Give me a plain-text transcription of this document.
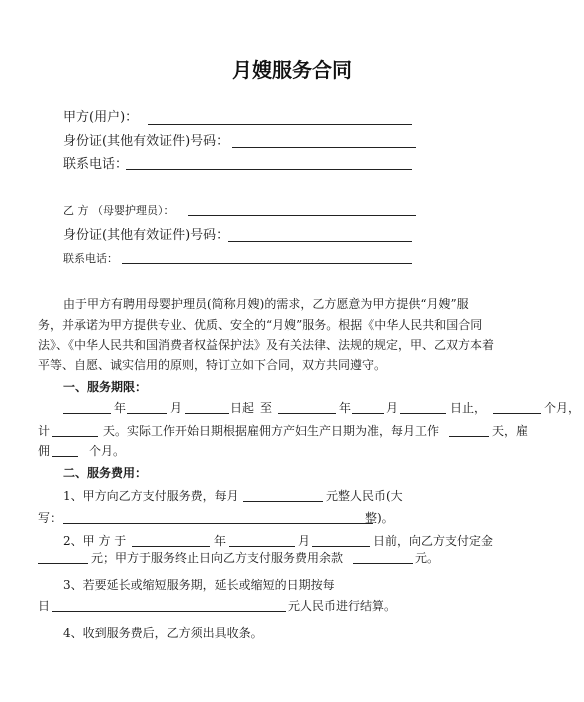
月嫂服务合同
甲方(用户)：
身份证(其他有效证件)号码：
联系电话：
乙 方 （母婴护理员）：
身份证(其他有效证件)号码：
联系电话：
由于甲方有聘用母婴护理员(简称月嫂)的需求，乙方愿意为甲方提供“月嫂”服
务，并承诺为甲方提供专业、优质、安全的“月嫂”服务。根据《中华人民共和国合同
法》、《中华人民共和国消费者权益保护法》及有关法律、法规的规定，甲、乙双方本着
平等、自愿、诚实信用的原则，特订立如下合同，双方共同遵守。
一、服务期限：
年	月	日起 至	年	月	日止，	个月，
计	天。实际工作开始日期根据雇佣方产妇生产日期为准，每月工作	天，雇
佣	个月。
二、服务费用：
1、甲方向乙方支付服务费，每月	元整人民币(大
写：	整)。
2、甲 方 于	年	月	日前，向乙方支付定金
元；甲方于服务终止日向乙方支付服务费用余款	元。
3、若要延长或缩短服务期，延长或缩短的日期按每
日	元人民币进行结算。
4、收到服务费后，乙方须出具收条。
